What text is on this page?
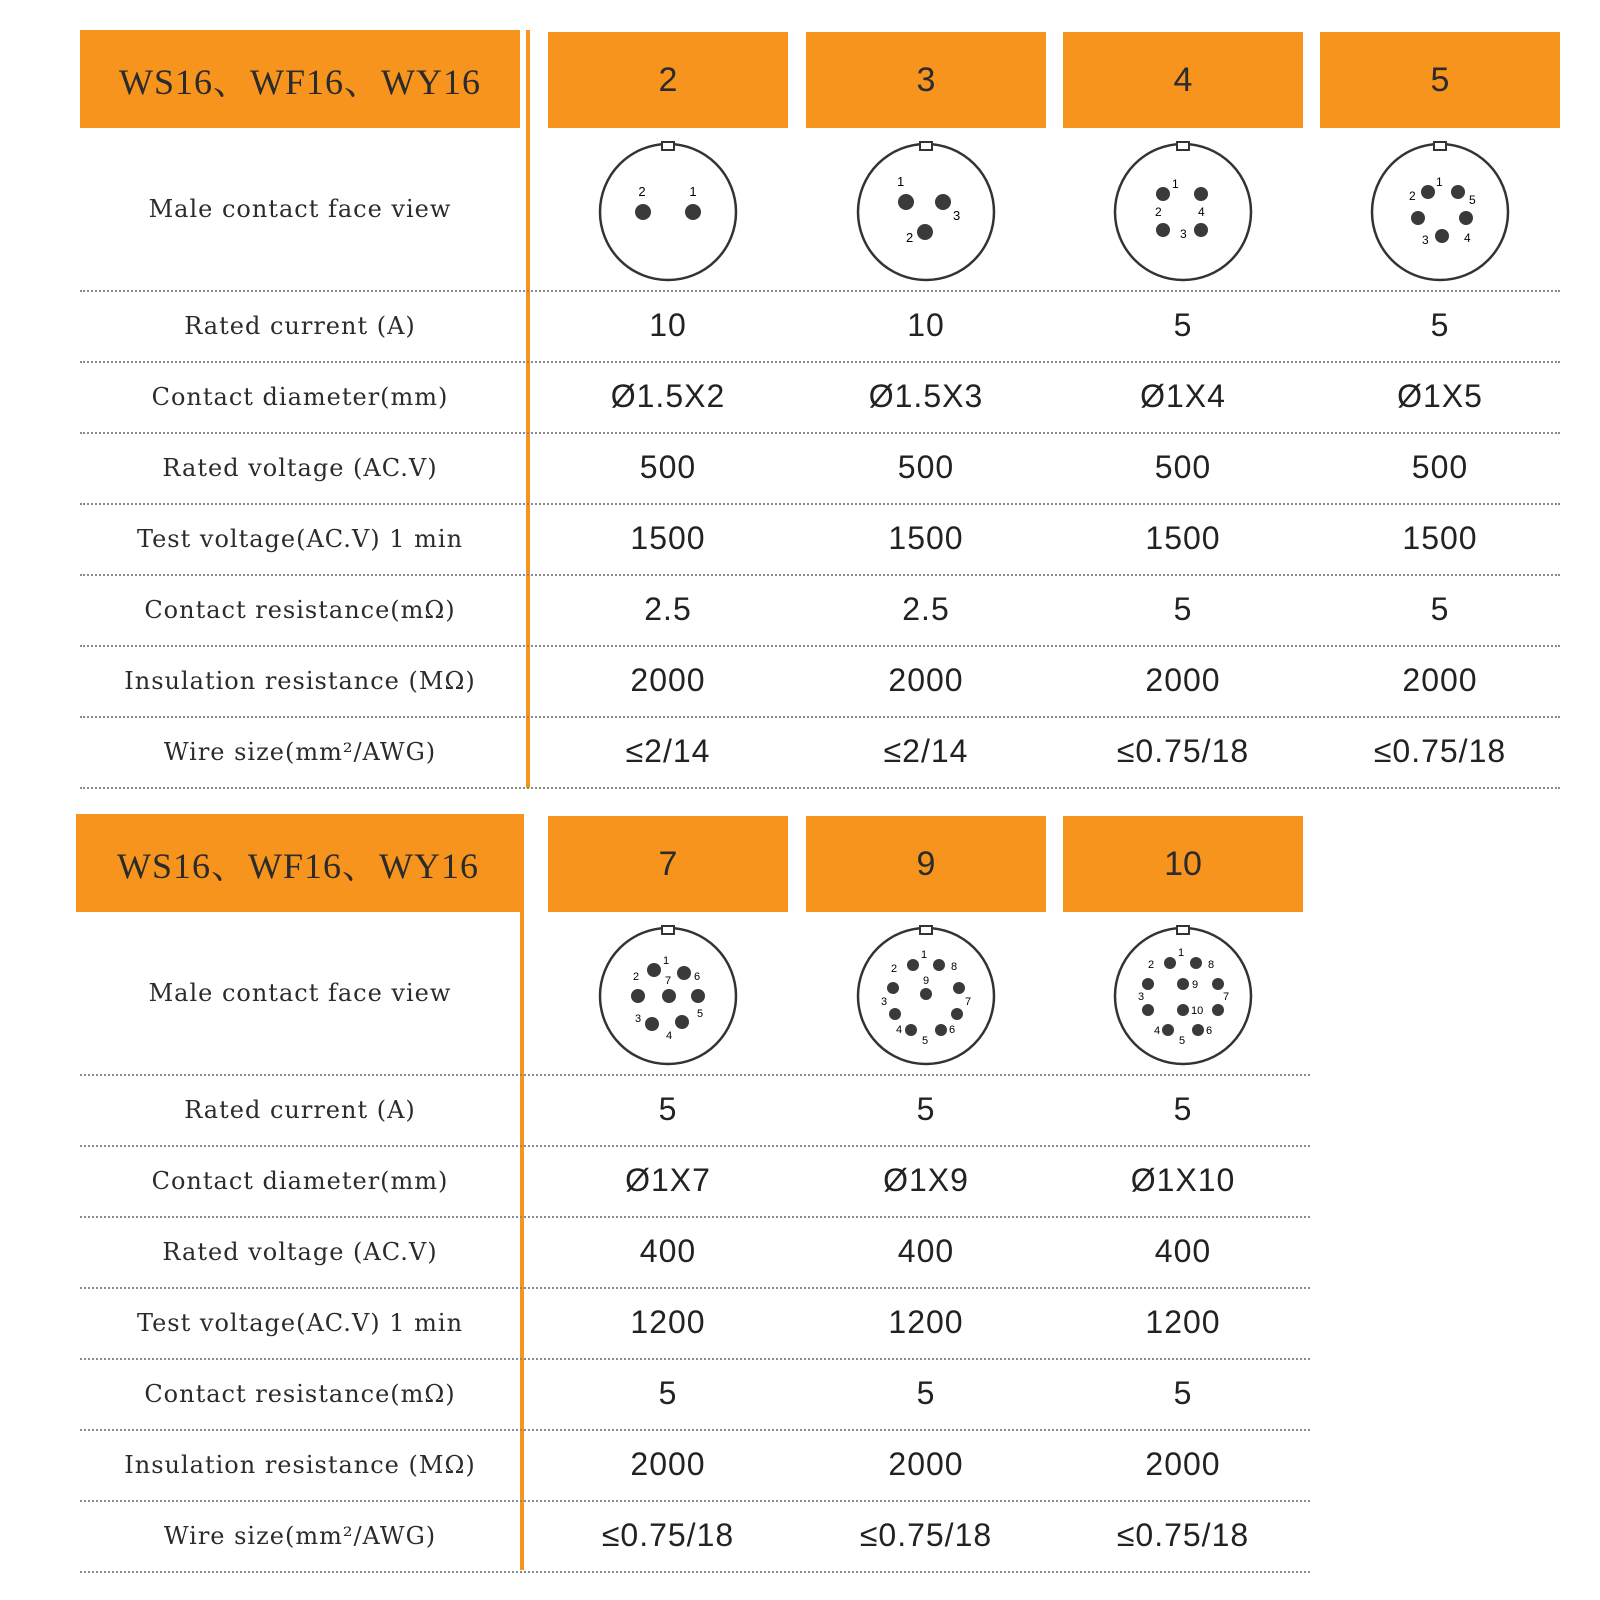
WS16、WF16、WY16	2	3	4	5
Male contact face view
2	1
1
2
3
1
2
3
4
1
2
3	4
5
Rated current (A)	10	10	5	5
Contact diameter(mm)	Ø1.5X2	Ø1.5X3	Ø1X4	Ø1X5
Rated voltage (AC.V)	500	500	500	500
Test voltage(AC.V) 1 min	1500	1500	1500	1500
Contact resistance(mΩ)	2.5	2.5	5	5
Insulation resistance (MΩ)	2000	2000	2000	2000
Wire size(mm²/AWG)	≤2/14	≤2/14	≤0.75/18	≤0.75/18
WS16、WF16、WY16	7	9	10
Male contact face view
1
2
3
4
5
6
7
1
2
3
4
5
6
7
8
9
1
2
3
4
5
6
7
8
9
10
Rated current (A)	5	5	5
Contact diameter(mm)	Ø1X7	Ø1X9	Ø1X10
Rated voltage (AC.V)	400	400	400
Test voltage(AC.V) 1 min	1200	1200	1200
Contact resistance(mΩ)	5	5	5
Insulation resistance (MΩ)	2000	2000	2000
Wire size(mm²/AWG)	≤0.75/18	≤0.75/18	≤0.75/18
